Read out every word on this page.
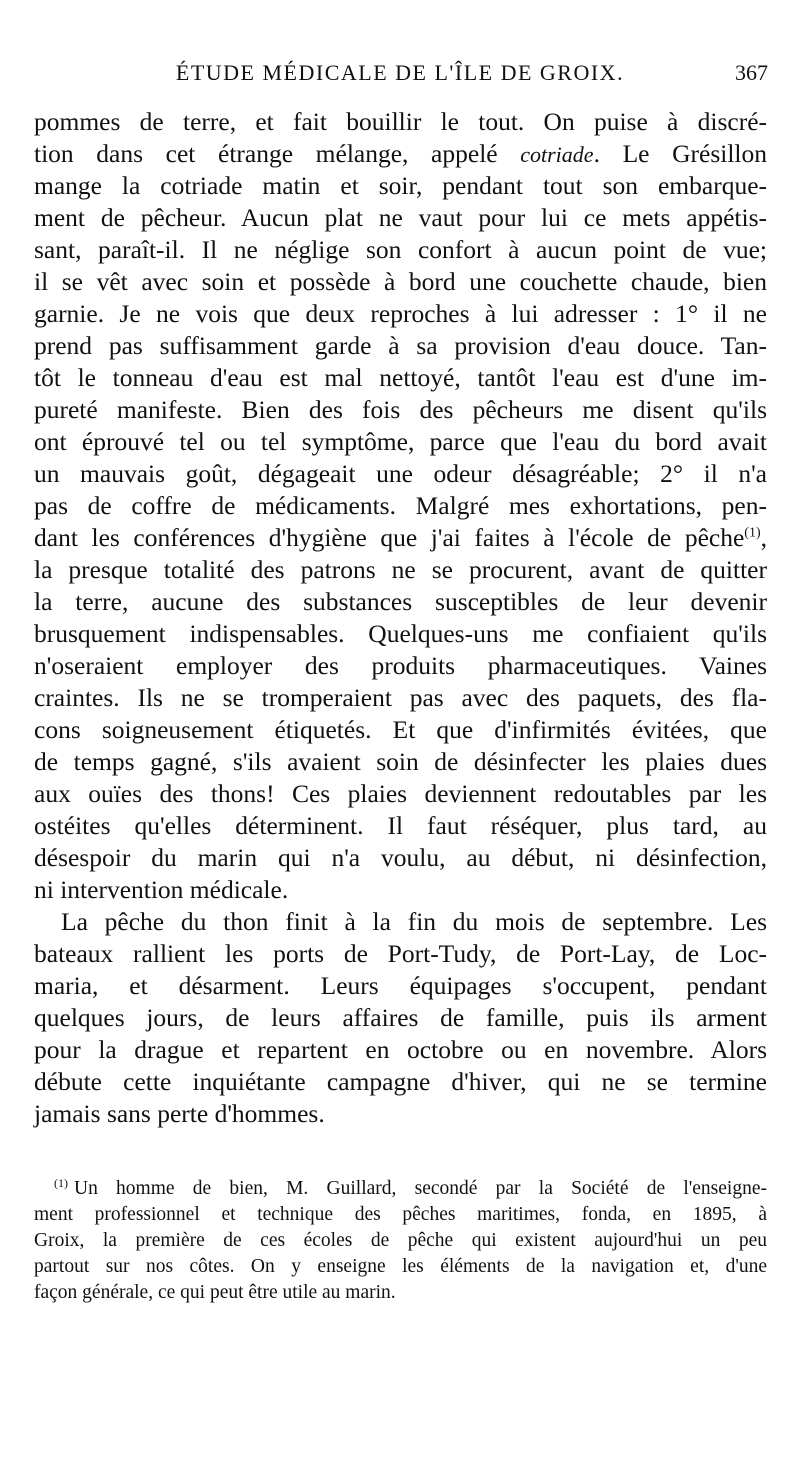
ÉTUDE MÉDICALE DE L'ÎLE DE GROIX.	367
pommes de terre, et fait bouillir le tout. On puise à discré-
tion dans cet étrange mélange, appelé cotriade. Le Grésillon
mange la cotriade matin et soir, pendant tout son embarque-
ment de pêcheur. Aucun plat ne vaut pour lui ce mets appétis-
sant, paraît-il. Il ne néglige son confort à aucun point de vue;
il se vêt avec soin et possède à bord une couchette chaude, bien
garnie. Je ne vois que deux reproches à lui adresser : 1° il ne
prend pas suffisamment garde à sa provision d'eau douce. Tan-
tôt le tonneau d'eau est mal nettoyé, tantôt l'eau est d'une im-
pureté manifeste. Bien des fois des pêcheurs me disent qu'ils
ont éprouvé tel ou tel symptôme, parce que l'eau du bord avait
un mauvais goût, dégageait une odeur désagréable; 2° il n'a
pas de coffre de médicaments. Malgré mes exhortations, pen-
dant les conférences d'hygiène que j'ai faites à l'école de pêche$^{(1)}$,
la presque totalité des patrons ne se procurent, avant de quitter
la terre, aucune des substances susceptibles de leur devenir
brusquement indispensables. Quelques-uns me confiaient qu'ils
n'oseraient employer des produits pharmaceutiques. Vaines
craintes. Ils ne se tromperaient pas avec des paquets, des fla-
cons soigneusement étiquetés. Et que d'infirmités évitées, que
de temps gagné, s'ils avaient soin de désinfecter les plaies dues
aux ouïes des thons! Ces plaies deviennent redoutables par les
ostéites qu'elles déterminent. Il faut réséquer, plus tard, au
désespoir du marin qui n'a voulu, au début, ni désinfection,
ni intervention médicale.
La pêche du thon finit à la fin du mois de septembre. Les
bateaux rallient les ports de Port-Tudy, de Port-Lay, de Loc-
maria, et désarment. Leurs équipages s'occupent, pendant
quelques jours, de leurs affaires de famille, puis ils arment
pour la drague et repartent en octobre ou en novembre. Alors
débute cette inquiétante campagne d'hiver, qui ne se termine
jamais sans perte d'hommes.
$^{(1)}$ Un homme de bien, M. Guillard, secondé par la Société de l'enseigne-
ment professionnel et technique des pêches maritimes, fonda, en 1895, à
Groix, la première de ces écoles de pêche qui existent aujourd'hui un peu
partout sur nos côtes. On y enseigne les éléments de la navigation et, d'une
façon générale, ce qui peut être utile au marin.
